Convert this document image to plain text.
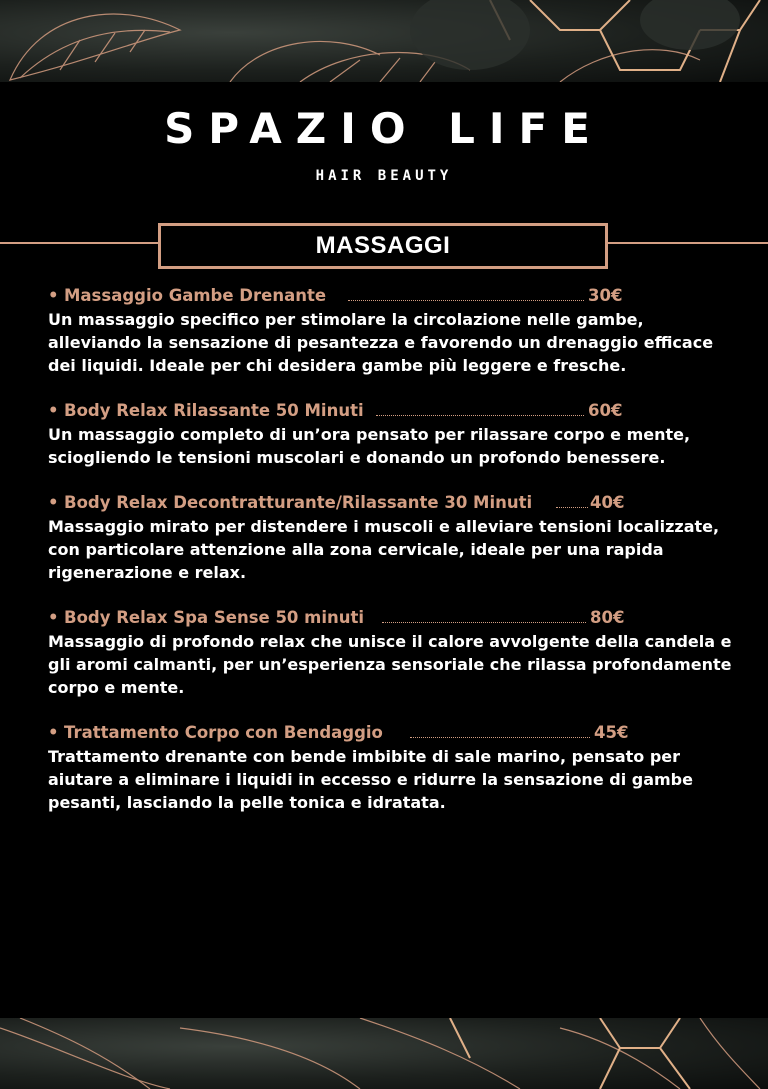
SPAZIO LIFE
HAIR BEAUTY
MASSAGGI
• Massaggio Gambe Drenante	30€

Un massaggio specifico per stimolare la circolazione nelle gambe, alleviando la sensazione di pesantezza e favorendo un drenaggio efficace dei liquidi. Ideale per chi desidera gambe più leggere e fresche.

• Body Relax Rilassante 50 Minuti	60€

Un massaggio completo di un’ora pensato per rilassare corpo e mente, sciogliendo le tensioni muscolari e donando un profondo benessere.

• Body Relax Decontratturante/Rilassante 30 Minuti	40€

Massaggio mirato per distendere i muscoli e alleviare tensioni localizzate, con particolare attenzione alla zona cervicale, ideale per una rapida rigenerazione e relax.

• Body Relax Spa Sense 50 minuti	80€

Massaggio di profondo relax che unisce il calore avvolgente della candela e gli aromi calmanti, per un’esperienza sensoriale che rilassa profondamente corpo e mente.

• Trattamento Corpo con Bendaggio	45€

Trattamento drenante con bende imbibite di sale marino, pensato per aiutare a eliminare i liquidi in eccesso e ridurre la sensazione di gambe pesanti, lasciando la pelle tonica e idratata.
